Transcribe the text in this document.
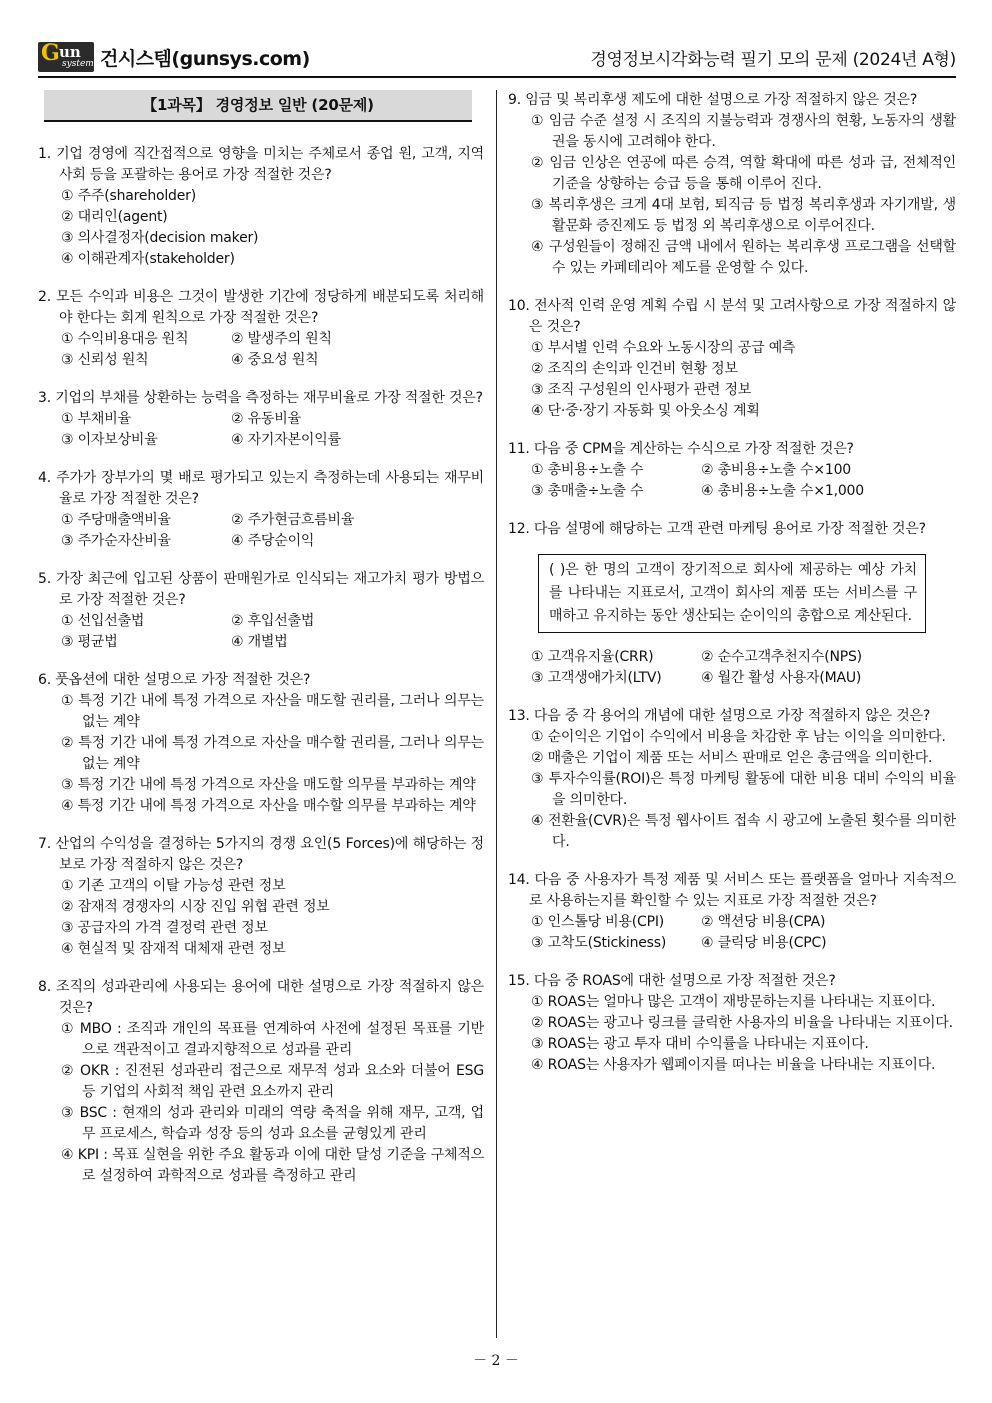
G un
system 건시스템(gunsys.com)	경영정보시각화능력 필기 모의 문제 (2024년 A형)
【1과목】 경영정보 일반 (20문제)
1. 기업 경영에 직간접적으로 영향을 미치는 주체로서 종업 원, 고객, 지역사회 등을 포괄하는 용어로 가장 적절한 것은?
① 주주(shareholder)
② 대리인(agent)
③ 의사결정자(decision maker)
④ 이해관계자(stakeholder)
2. 모든 수익과 비용은 그것이 발생한 기간에 정당하게 배분되도록 처리해야 한다는 회계 원칙으로 가장 적절한 것은?
① 수익비용대응 원칙	② 발생주의 원칙
③ 신뢰성 원칙	④ 중요성 원칙
3. 기업의 부채를 상환하는 능력을 측정하는 재무비율로 가장 적절한 것은?
① 부채비율	② 유동비율
③ 이자보상비율	④ 자기자본이익률
4. 주가가 장부가의 몇 배로 평가되고 있는지 측정하는데 사용되는 재무비율로 가장 적절한 것은?
① 주당매출액비율	② 주가현금흐름비율
③ 주가순자산비율	④ 주당순이익
5. 가장 최근에 입고된 상품이 판매원가로 인식되는 재고가치 평가 방법으로 가장 적절한 것은?
① 선입선출법	② 후입선출법
③ 평균법	④ 개별법
6. 풋옵션에 대한 설명으로 가장 적절한 것은?
① 특정 기간 내에 특정 가격으로 자산을 매도할 권리를, 그러나 의무는 없는 계약
② 특정 기간 내에 특정 가격으로 자산을 매수할 권리를, 그러나 의무는 없는 계약
③ 특정 기간 내에 특정 가격으로 자산을 매도할 의무를 부과하는 계약
④ 특정 기간 내에 특정 가격으로 자산을 매수할 의무를 부과하는 계약
7. 산업의 수익성을 결정하는 5가지의 경쟁 요인(5 Forces)에 해당하는 정보로 가장 적절하지 않은 것은?
① 기존 고객의 이탈 가능성 관련 정보
② 잠재적 경쟁자의 시장 진입 위협 관련 정보
③ 공급자의 가격 결정력 관련 정보
④ 현실적 및 잠재적 대체재 관련 정보
8. 조직의 성과관리에 사용되는 용어에 대한 설명으로 가장 적절하지 않은 것은?
① MBO : 조직과 개인의 목표를 연계하여 사전에 설정된 목표를 기반으로 객관적이고 결과지향적으로 성과를 관리
② OKR : 진전된 성과관리 접근으로 재무적 성과 요소와 더불어 ESG 등 기업의 사회적 책임 관련 요소까지 관리
③ BSC : 현재의 성과 관리와 미래의 역량 축적을 위해 재무, 고객, 업무 프로세스, 학습과 성장 등의 성과 요소를 균형있게 관리
④ KPI : 목표 실현을 위한 주요 활동과 이에 대한 달성 기준을 구체적으로 설정하여 과학적으로 성과를 측정하고 관리
9. 임금 및 복리후생 제도에 대한 설명으로 가장 적절하지 않은 것은?
① 임금 수준 설정 시 조직의 지불능력과 경쟁사의 현황, 노동자의 생활권을 동시에 고려해야 한다.
② 임금 인상은 연공에 따른 승격, 역할 확대에 따른 성과 급, 전체적인 기준을 상향하는 승급 등을 통해 이루어 진다.
③ 복리후생은 크게 4대 보험, 퇴직금 등 법정 복리후생과 자기개발, 생활문화 증진제도 등 법정 외 복리후생으로 이루어진다.
④ 구성원들이 정해진 금액 내에서 원하는 복리후생 프로그램을 선택할 수 있는 카페테리아 제도를 운영할 수 있다.
10. 전사적 인력 운영 계획 수립 시 분석 및 고려사항으로 가장 적절하지 않은 것은?
① 부서별 인력 수요와 노동시장의 공급 예측
② 조직의 손익과 인건비 현황 정보
③ 조직 구성원의 인사평가 관련 정보
④ 단·중·장기 자동화 및 아웃소싱 계획
11. 다음 중 CPM을 계산하는 수식으로 가장 적절한 것은?
① 총비용÷노출 수	② 총비용÷노출 수×100
③ 총매출÷노출 수	④ 총비용÷노출 수×1,000
12. 다음 설명에 해당하는 고객 관련 마케팅 용어로 가장 적절한 것은?
( )은 한 명의 고객이 장기적으로 회사에 제공하는 예상 가치를 나타내는 지표로서, 고객이 회사의 제품 또는 서비스를 구매하고 유지하는 동안 생산되는 순이익의 총합으로 계산된다.
① 고객유지율(CRR)	② 순수고객추천지수(NPS)
③ 고객생애가치(LTV)	④ 월간 활성 사용자(MAU)
13. 다음 중 각 용어의 개념에 대한 설명으로 가장 적절하지 않은 것은?
① 순이익은 기업이 수익에서 비용을 차감한 후 남는 이익을 의미한다.
② 매출은 기업이 제품 또는 서비스 판매로 얻은 총금액을 의미한다.
③ 투자수익률(ROI)은 특정 마케팅 활동에 대한 비용 대비 수익의 비율을 의미한다.
④ 전환율(CVR)은 특정 웹사이트 접속 시 광고에 노출된 횟수를 의미한다.
14. 다음 중 사용자가 특정 제품 및 서비스 또는 플랫폼을 얼마나 지속적으로 사용하는지를 확인할 수 있는 지표로 가장 적절한 것은?
① 인스톨당 비용(CPI)	② 액션당 비용(CPA)
③ 고착도(Stickiness)	④ 클릭당 비용(CPC)
15. 다음 중 ROAS에 대한 설명으로 가장 적절한 것은?
① ROAS는 얼마나 많은 고객이 재방문하는지를 나타내는 지표이다.
② ROAS는 광고나 링크를 클릭한 사용자의 비율을 나타내는 지표이다.
③ ROAS는 광고 투자 대비 수익률을 나타내는 지표이다.
④ ROAS는 사용자가 웹페이지를 떠나는 비율을 나타내는 지표이다.
－ 2 －
